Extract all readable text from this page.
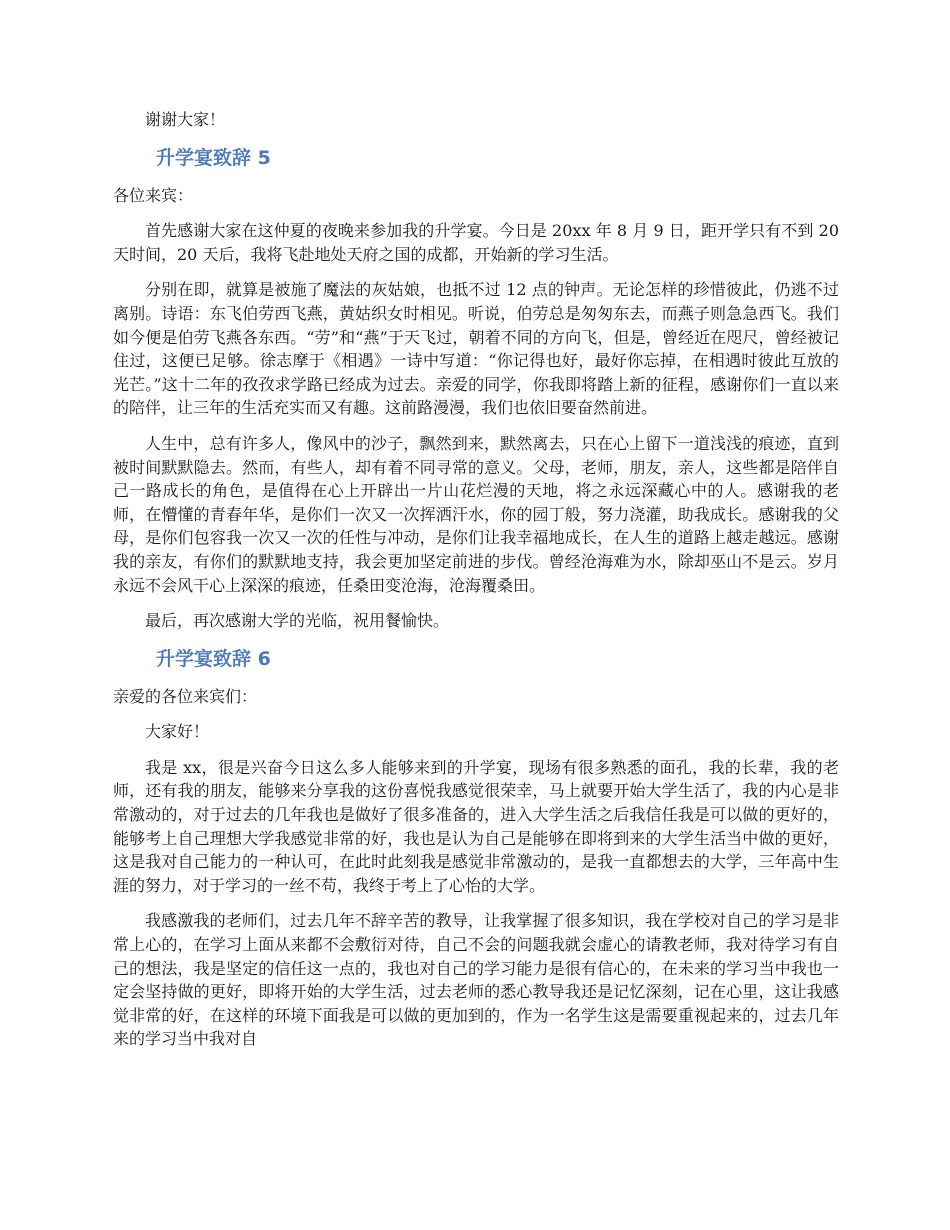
谢谢大家！

升学宴致辞 5

各位来宾：

首先感谢大家在这仲夏的夜晚来参加我的升学宴。今日是 20xx 年 8 月 9 日，距开学只有不到 20 天时间，20 天后，我将飞赴地处天府之国的成都，开始新的学习生活。

分别在即，就算是被施了魔法的灰姑娘，也抵不过 12 点的钟声。无论怎样的珍惜彼此，仍逃不过离别。诗语：东飞伯劳西飞燕，黄姑织女时相见。听说，伯劳总是匆匆东去，而燕子则急急西飞。我们如今便是伯劳飞燕各东西。“劳”和“燕”于天飞过，朝着不同的方向飞，但是，曾经近在咫尺，曾经被记住过，这便已足够。徐志摩于《相遇》一诗中写道：“你记得也好，最好你忘掉，在相遇时彼此互放的光芒。”这十二年的孜孜求学路已经成为过去。亲爱的同学，你我即将踏上新的征程，感谢你们一直以来的陪伴，让三年的生活充实而又有趣。这前路漫漫，我们也依旧要奋然前进。

人生中，总有许多人，像风中的沙子，飘然到来，默然离去，只在心上留下一道浅浅的痕迹，直到被时间默默隐去。然而，有些人，却有着不同寻常的意义。父母，老师，朋友，亲人，这些都是陪伴自己一路成长的角色，是值得在心上开辟出一片山花烂漫的天地，将之永远深藏心中的人。感谢我的老师，在懵懂的青春年华，是你们一次又一次挥洒汗水，你的园丁般，努力浇灌，助我成长。感谢我的父母，是你们包容我一次又一次的任性与冲动，是你们让我幸福地成长，在人生的道路上越走越远。感谢我的亲友，有你们的默默地支持，我会更加坚定前进的步伐。曾经沧海难为水，除却巫山不是云。岁月永远不会风干心上深深的痕迹，任桑田变沧海，沧海覆桑田。

最后，再次感谢大学的光临，祝用餐愉快。

升学宴致辞 6

亲爱的各位来宾们：

大家好！

我是 xx，很是兴奋今日这么多人能够来到的升学宴，现场有很多熟悉的面孔，我的长辈，我的老师，还有我的朋友，能够来分享我的这份喜悦我感觉很荣幸，马上就要开始大学生活了，我的内心是非常激动的，对于过去的几年我也是做好了很多准备的，进入大学生活之后我信任我是可以做的更好的，能够考上自己理想大学我感觉非常的好，我也是认为自己是能够在即将到来的大学生活当中做的更好，这是我对自己能力的一种认可，在此时此刻我是感觉非常激动的，是我一直都想去的大学，三年高中生涯的努力，对于学习的一丝不苟，我终于考上了心怡的大学。

我感激我的老师们，过去几年不辞辛苦的教导，让我掌握了很多知识，我在学校对自己的学习是非常上心的，在学习上面从来都不会敷衍对待，自己不会的问题我就会虚心的请教老师，我对待学习有自己的想法，我是坚定的信任这一点的，我也对自己的学习能力是很有信心的，在未来的学习当中我也一定会坚持做的更好，即将开始的大学生活，过去老师的悉心教导我还是记忆深刻，记在心里，这让我感觉非常的好，在这样的环境下面我是可以做的更加到的，作为一名学生这是需要重视起来的，过去几年来的学习当中我对自
